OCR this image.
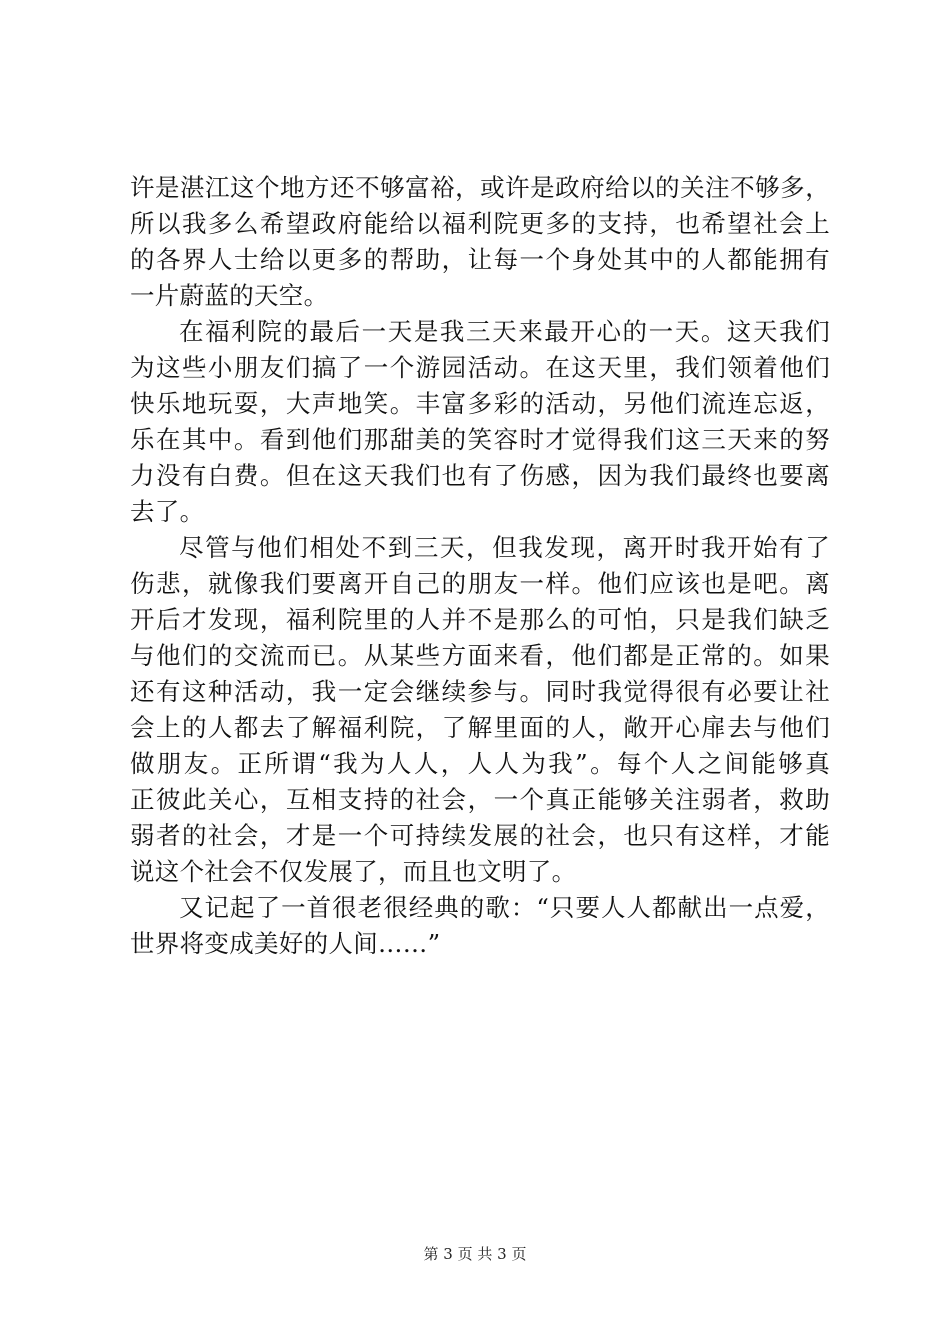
许是湛江这个地方还不够富裕，或许是政府给以的关注不够多，
所以我多么希望政府能给以福利院更多的支持，也希望社会上
的各界人士给以更多的帮助，让每一个身处其中的人都能拥有
一片蔚蓝的天空。
在福利院的最后一天是我三天来最开心的一天。这天我们
为这些小朋友们搞了一个游园活动。在这天里，我们领着他们
快乐地玩耍，大声地笑。丰富多彩的活动，另他们流连忘返，
乐在其中。看到他们那甜美的笑容时才觉得我们这三天来的努
力没有白费。但在这天我们也有了伤感，因为我们最终也要离
去了。
尽管与他们相处不到三天，但我发现，离开时我开始有了
伤悲，就像我们要离开自己的朋友一样。他们应该也是吧。离
开后才发现，福利院里的人并不是那么的可怕，只是我们缺乏
与他们的交流而已。从某些方面来看，他们都是正常的。如果
还有这种活动，我一定会继续参与。同时我觉得很有必要让社
会上的人都去了解福利院，了解里面的人，敞开心扉去与他们
做朋友。正所谓“我为人人，人人为我”。每个人之间能够真
正彼此关心，互相支持的社会，一个真正能够关注弱者，救助
弱者的社会，才是一个可持续发展的社会，也只有这样，才能
说这个社会不仅发展了，而且也文明了。
又记起了一首很老很经典的歌：“只要人人都献出一点爱，
世界将变成美好的人间……”
第 3 页 共 3 页
